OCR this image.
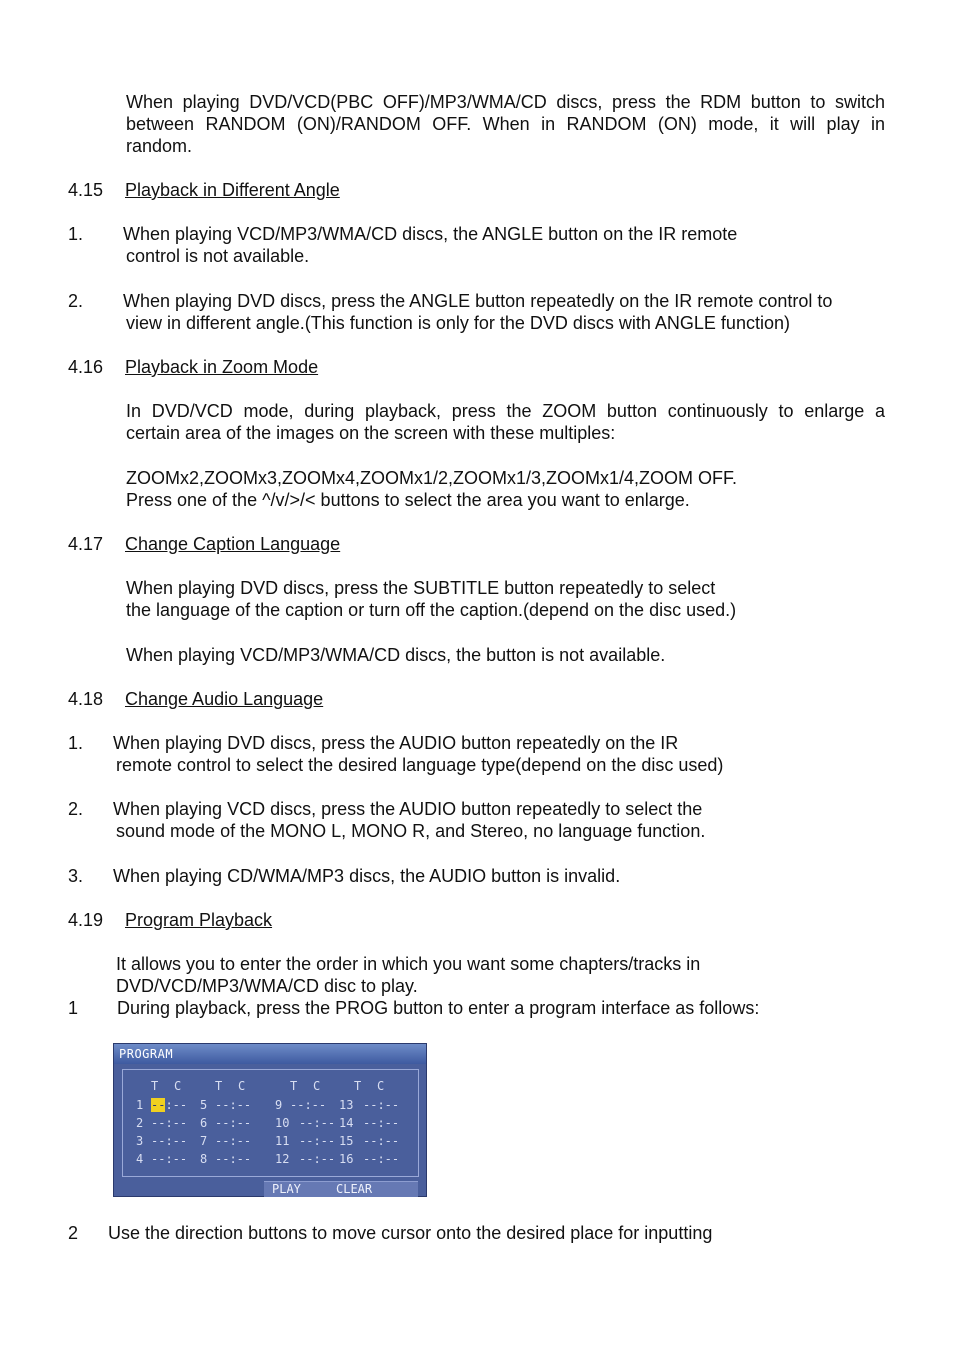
When playing DVD/VCD(PBC OFF)/MP3/WMA/CD discs, press the RDM button to switch
between RANDOM (ON)/RANDOM OFF. When in RANDOM (ON) mode, it will play in
random.
4.15 Playback in Different Angle
1. When playing VCD/MP3/WMA/CD discs, the ANGLE button on the IR remote
control is not available.
2. When playing DVD discs, press the ANGLE button repeatedly on the IR remote control to
view in different angle.(This function is only for the DVD discs with ANGLE function)
4.16 Playback in Zoom Mode
In DVD/VCD mode, during playback, press the ZOOM button continuously to enlarge a
certain area of the images on the screen with these multiples:
ZOOMx2,ZOOMx3,ZOOMx4,ZOOMx1/2,ZOOMx1/3,ZOOMx1/4,ZOOM OFF.
Press one of the ^/v/>/< buttons to select the area you want to enlarge.
4.17 Change Caption Language
When playing DVD discs, press the SUBTITLE button repeatedly to select
the language of the caption or turn off the caption.(depend on the disc used.)
When playing VCD/MP3/WMA/CD discs, the button is not available.
4.18 Change Audio Language
1. When playing DVD discs, press the AUDIO button repeatedly on the IR
remote control to select the desired language type(depend on the disc used)
2. When playing VCD discs, press the AUDIO button repeatedly to select the
sound mode of the MONO L, MONO R, and Stereo, no language function.
3. When playing CD/WMA/MP3 discs, the AUDIO button is invalid.
4.19 Program Playback
It allows you to enter the order in which you want some chapters/tracks in
DVD/VCD/MP3/WMA/CD disc to play.
1 During playback, press the PROG button to enter a program interface as follows:
PROGRAM
PLAY	CLEAR
T C	T C	T C	T C
1 --:-- 5 --:-- 9 --:-- 13 --:--
2 --:-- 6 --:-- 10 --:-- 14 --:--
3 --:-- 7 --:-- 11 --:-- 15 --:--
4 --:-- 8 --:-- 12 --:-- 16 --:--
2 Use the direction buttons to move cursor onto the desired place for inputting
